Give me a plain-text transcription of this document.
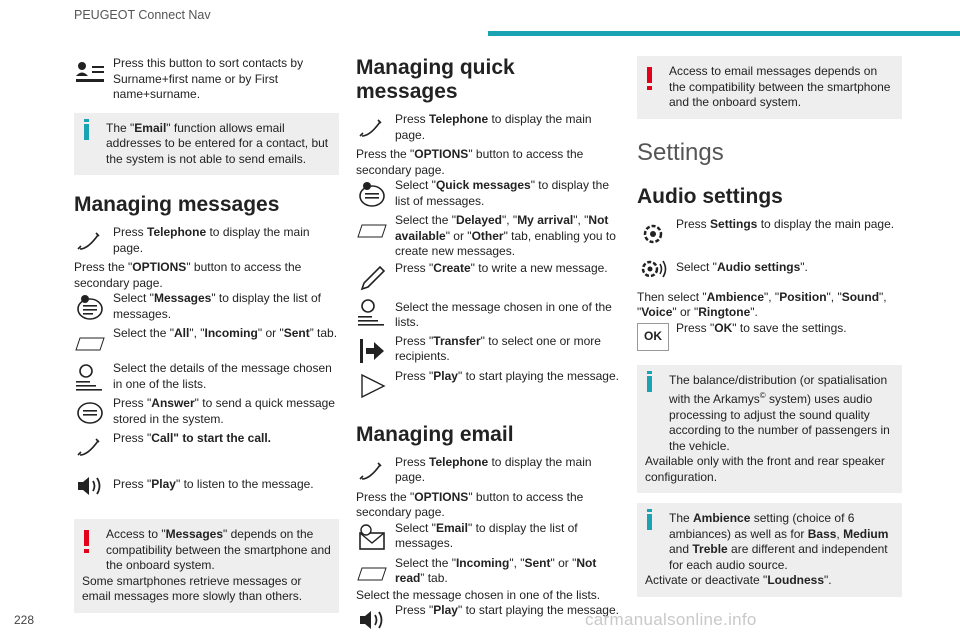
PEUGEOT Connect Nav
Press this button to sort contacts by Surname+first name or by First name+surname.
The "Email" function allows email addresses to be entered for a contact, but the system is not able to send emails.
Managing messages
Press Telephone to display the main page.
Press the "OPTIONS" button to access the secondary page.
Select "Messages" to display the list of messages.
Select the "All", "Incoming" or "Sent” tab.
Select the details of the message chosen in one of the lists.
Press "Answer" to send a quick message stored in the system.
Press "Call" to start the call.
Press "Play" to listen to the message.
Access to "Messages" depends on the compatibility between the smartphone and the onboard system.
Some smartphones retrieve messages or email messages more slowly than others.
Managing quick messages
Press Telephone to display the main page.
Press the "OPTIONS" button to access the secondary page.
Select "Quick messages" to display the list of messages.
Select the "Delayed", "My arrival", "Not available" or "Other" tab, enabling you to create new messages.
Press "Create" to write a new message.
Select the message chosen in one of the lists.
Press "Transfer" to select one or more recipients.
Press "Play" to start playing the message.
Managing email
Press Telephone to display the main page.
Press the "OPTIONS" button to access the secondary page.
Select "Email" to display the list of messages.
Select the "Incoming", "Sent" or "Not read” tab.
Select the message chosen in one of the lists.
Press "Play" to start playing the message.
Access to email messages depends on the compatibility between the smartphone and the onboard system.
Settings
Audio settings
Press Settings to display the main page.
Select "Audio settings".
Then select "Ambience", "Position", "Sound", "Voice" or "Ringtone".
OK
Press "OK" to save the settings.
The balance/distribution (or spatialisation with the Arkamys© system) uses audio processing to adjust the sound quality according to the number of passengers in the vehicle.
Available only with the front and rear speaker configuration.
The Ambience setting (choice of 6 ambiances) as well as for Bass, Medium and Treble are different and independent for each audio source.
Activate or deactivate "Loudness".
228	carmanualsonline.info
